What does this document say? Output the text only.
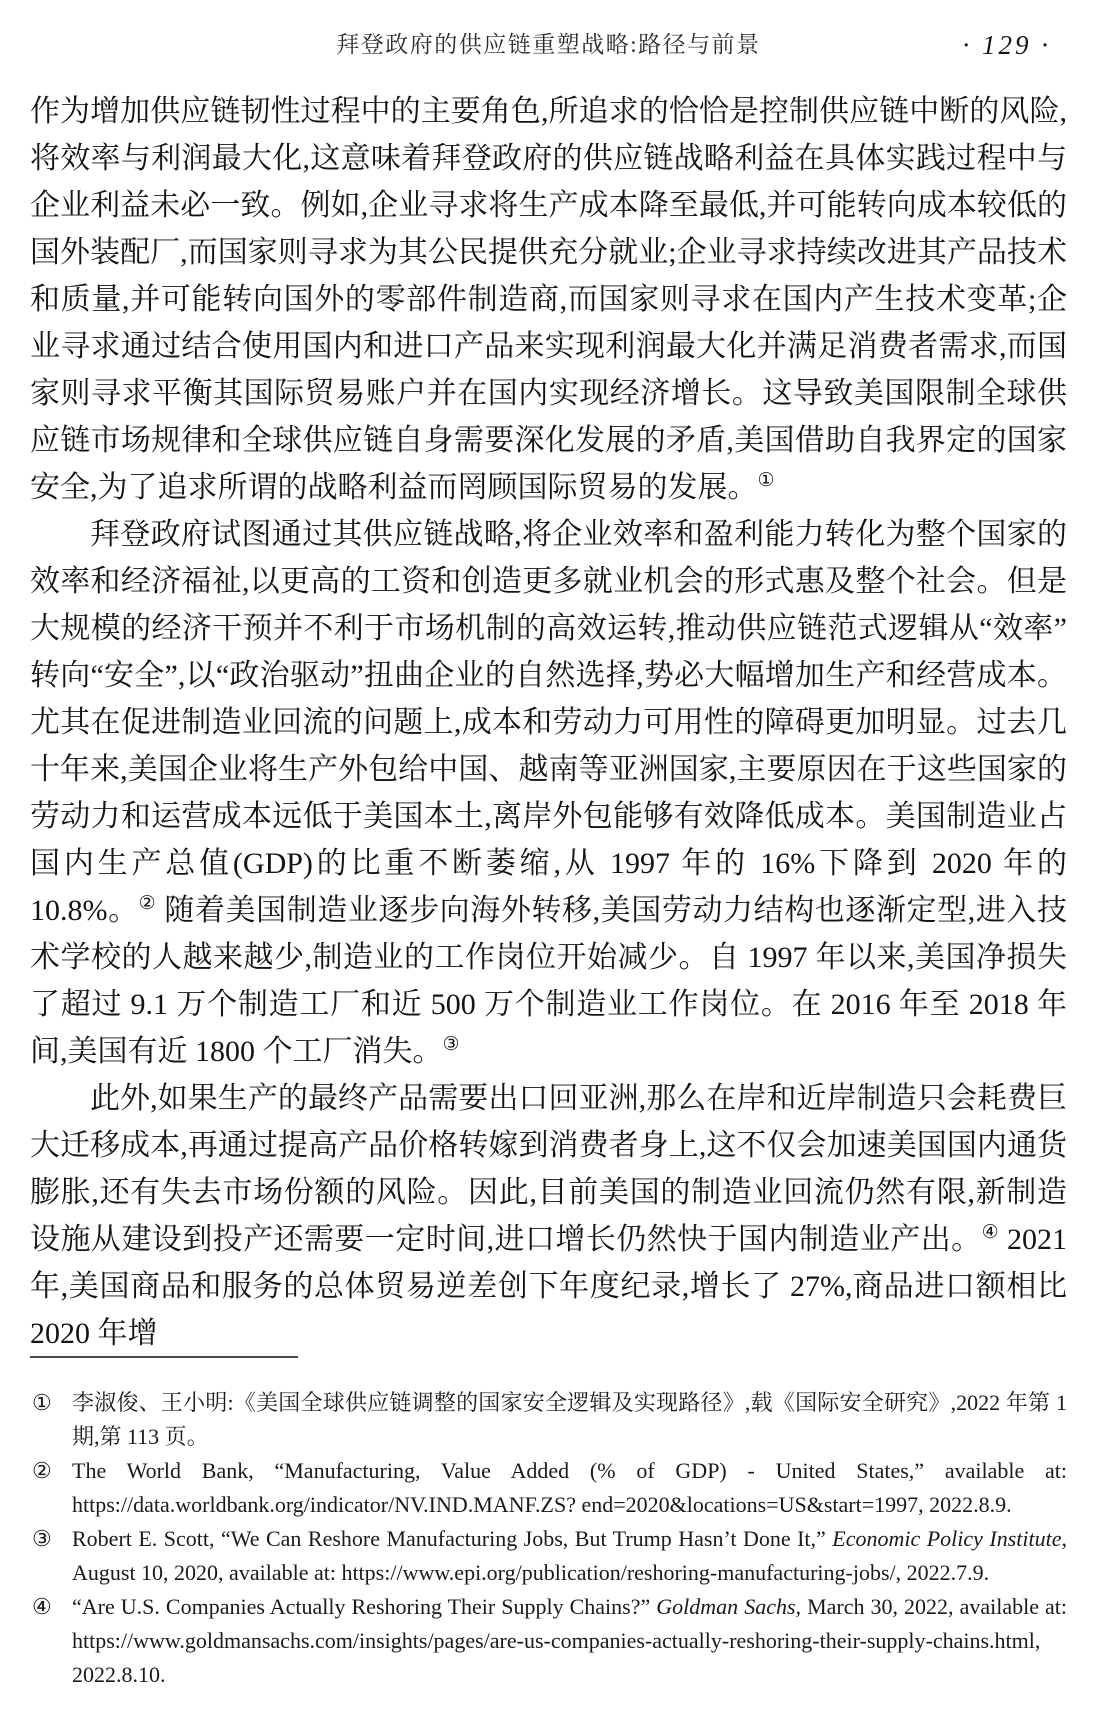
拜登政府的供应链重塑战略:路径与前景	· 129 ·

作为增加供应链韧性过程中的主要角色,所追求的恰恰是控制供应链中断的风险,将效率与利润最大化,这意味着拜登政府的供应链战略利益在具体实践过程中与企业利益未必一致。例如,企业寻求将生产成本降至最低,并可能转向成本较低的国外装配厂,而国家则寻求为其公民提供充分就业;企业寻求持续改进其产品技术和质量,并可能转向国外的零部件制造商,而国家则寻求在国内产生技术变革;企业寻求通过结合使用国内和进口产品来实现利润最大化并满足消费者需求,而国家则寻求平衡其国际贸易账户并在国内实现经济增长。这导致美国限制全球供应链市场规律和全球供应链自身需要深化发展的矛盾,美国借助自我界定的国家安全,为了追求所谓的战略利益而罔顾国际贸易的发展。①

拜登政府试图通过其供应链战略,将企业效率和盈利能力转化为整个国家的效率和经济福祉,以更高的工资和创造更多就业机会的形式惠及整个社会。但是大规模的经济干预并不利于市场机制的高效运转,推动供应链范式逻辑从“效率”转向“安全”,以“政治驱动”扭曲企业的自然选择,势必大幅增加生产和经营成本。尤其在促进制造业回流的问题上,成本和劳动力可用性的障碍更加明显。过去几十年来,美国企业将生产外包给中国、越南等亚洲国家,主要原因在于这些国家的劳动力和运营成本远低于美国本土,离岸外包能够有效降低成本。美国制造业占国内生产总值(GDP)的比重不断萎缩,从 1997 年的 16%下降到 2020 年的 10.8%。② 随着美国制造业逐步向海外转移,美国劳动力结构也逐渐定型,进入技术学校的人越来越少,制造业的工作岗位开始减少。自 1997 年以来,美国净损失了超过 9.1 万个制造工厂和近 500 万个制造业工作岗位。在 2016 年至 2018 年间,美国有近 1800 个工厂消失。③

此外,如果生产的最终产品需要出口回亚洲,那么在岸和近岸制造只会耗费巨大迁移成本,再通过提高产品价格转嫁到消费者身上,这不仅会加速美国国内通货膨胀,还有失去市场份额的风险。因此,目前美国的制造业回流仍然有限,新制造设施从建设到投产还需要一定时间,进口增长仍然快于国内制造业产出。④ 2021 年,美国商品和服务的总体贸易逆差创下年度纪录,增长了 27%,商品进口额相比 2020 年增

① 李淑俊、王小明:《美国全球供应链调整的国家安全逻辑及实现路径》,载《国际安全研究》,2022 年第 1 期,第 113 页。
② The World Bank, “Manufacturing, Value Added (% of GDP) - United States,” available at: https://data.worldbank.org/indicator/NV.IND.MANF.ZS? end=2020&locations=US&start=1997, 2022.8.9.
③ Robert E. Scott, “We Can Reshore Manufacturing Jobs, But Trump Hasn’t Done It,” Economic Policy Institute, August 10, 2020, available at: https://www.epi.org/publication/reshoring-manufacturing-jobs/, 2022.7.9.
④ “Are U.S. Companies Actually Reshoring Their Supply Chains?” Goldman Sachs, March 30, 2022, available at: https://www.goldmansachs.com/insights/pages/are-us-companies-actually-reshoring-their-supply-chains.html, 2022.8.10.
